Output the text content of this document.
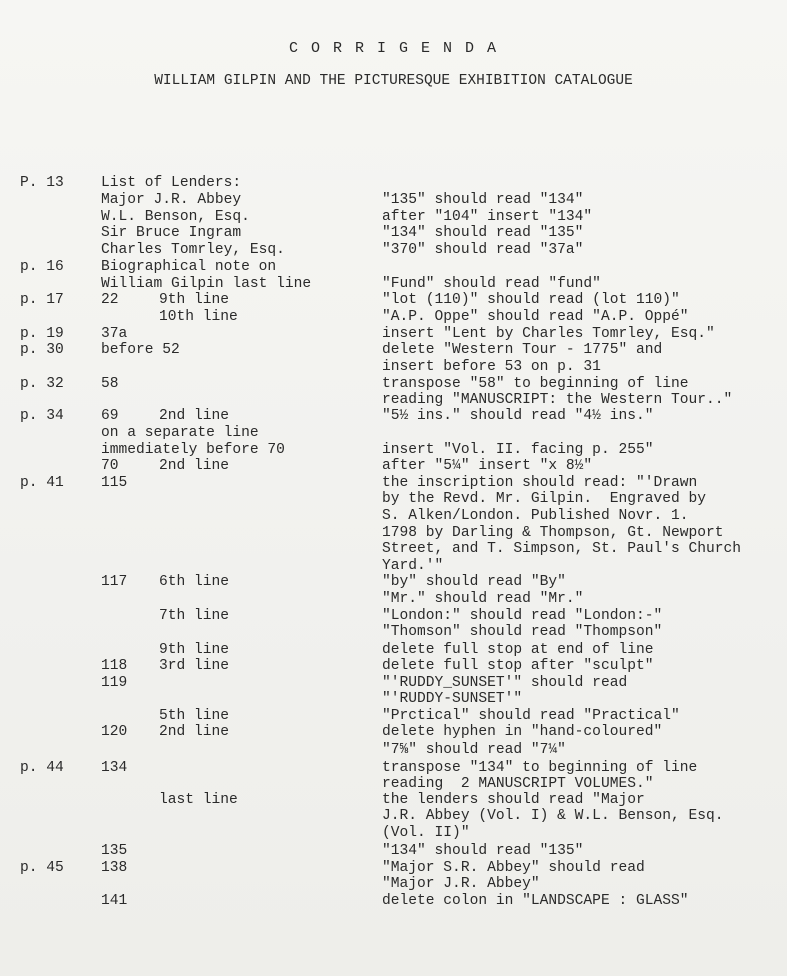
C O R R I G E N D A
WILLIAM GILPIN AND THE PICTURESQUE EXHIBITION CATALOGUE
P. 13	List of Lenders:
Major J.R. Abbey	"135" should read "134"
W.L. Benson, Esq.	after "104" insert "134"
Sir Bruce Ingram	"134" should read "135"
Charles Tomrley, Esq.	"370" should read "37a"
p. 16	Biographical note on
William Gilpin last line	"Fund" should read "fund"
p. 17	22	9th line	"lot (110)" should read (lot 110)"
10th line	"A.P. Oppe" should read "A.P. Oppé"
p. 19	37a	insert "Lent by Charles Tomrley, Esq."
p. 30	before 52	delete "Western Tour - 1775" and
insert before 53 on p. 31
p. 32	58	transpose "58" to beginning of line
reading "MANUSCRIPT: the Western Tour.."
p. 34	69	2nd line	"5½ ins." should read "4½ ins."
on a separate line
immediately before 70	insert "Vol. II. facing p. 255"
70	2nd line	after "5¼" insert "x 8½"
p. 41	115	the inscription should read: "'Drawn
by the Revd. Mr. Gilpin.  Engraved by
S. Alken/London. Published Novr. 1.
1798 by Darling & Thompson, Gt. Newport
Street, and T. Simpson, St. Paul's Church
Yard.'"
117 6th line	"by" should read "By"
"Mr." should read "Mr."
7th line	"London:" should read "London:-"
"Thomson" should read "Thompson"
9th line	delete full stop at end of line
118 3rd line	delete full stop after "sculpt"
119	"'RUDDY_SUNSET'" should read
"'RUDDY-SUNSET'"
5th line	"Prctical" should read "Practical"
120 2nd line	delete hyphen in "hand-coloured"
"7⅝" should read "7¼"
p. 44	134	transpose "134" to beginning of line
reading  2 MANUSCRIPT VOLUMES."
last line	the lenders should read "Major
J.R. Abbey (Vol. I) & W.L. Benson, Esq.
(Vol. II)"
135	"134" should read "135"
p. 45	138	"Major S.R. Abbey" should read
"Major J.R. Abbey"
141	delete colon in "LANDSCAPE : GLASS"
